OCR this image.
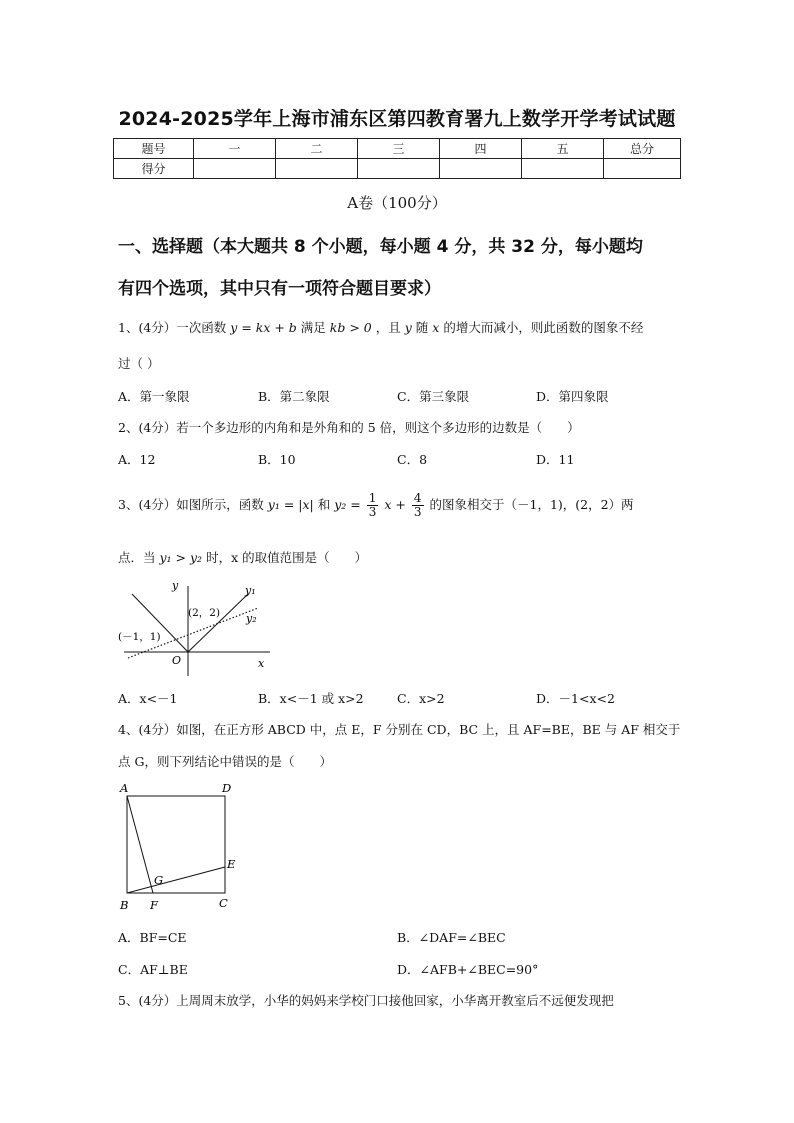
2024-2025学年上海市浦东区第四教育署九上数学开学考试试题
题号	一	二	三	四	五	总分
得分						
A卷（100分）
一、选择题（本大题共 8 个小题，每小题 4 分，共 32 分，每小题均
有四个选项，其中只有一项符合题目要求）
1、(4分）一次函数 y = kx + b 满足 kb > 0 ，且 y 随 x 的增大而减小，则此函数的图象不经
过（ ）
A．第一象限	B．第二象限	C．第三象限	D．第四象限
2、(4分）若一个多边形的内角和是外角和的 5 倍，则这个多边形的边数是（　　）
A．12	B．10	C．8	D．11
3、(4分）如图所示，函数 y₁ = |x| 和 $y_2 = \frac{1}{3}$ $x + \frac{4}{3}$ 的图象相交于（－1，1)，(2，2）两
点．当 y₁ > y₂ 时，x 的取值范围是（　　）
y
x
O
y₁
y₂
(2，2)
(－1，1)
A．x<－1	B．x<－1 或 x>2	C．x>2	D．－1<x<2
4、(4分）如图，在正方形 ABCD 中，点 E，F 分别在 CD，BC 上，且 AF=BE，BE 与 AF 相交于
点 G，则下列结论中错误的是（　　）
A	D
E
G
B F	C
A．BF=CE	B．∠DAF=∠BEC
C．AF⊥BE	D．∠AFB+∠BEC=90°
5、(4分）上周周末放学，小华的妈妈来学校门口接他回家，小华离开教室后不远便发现把
